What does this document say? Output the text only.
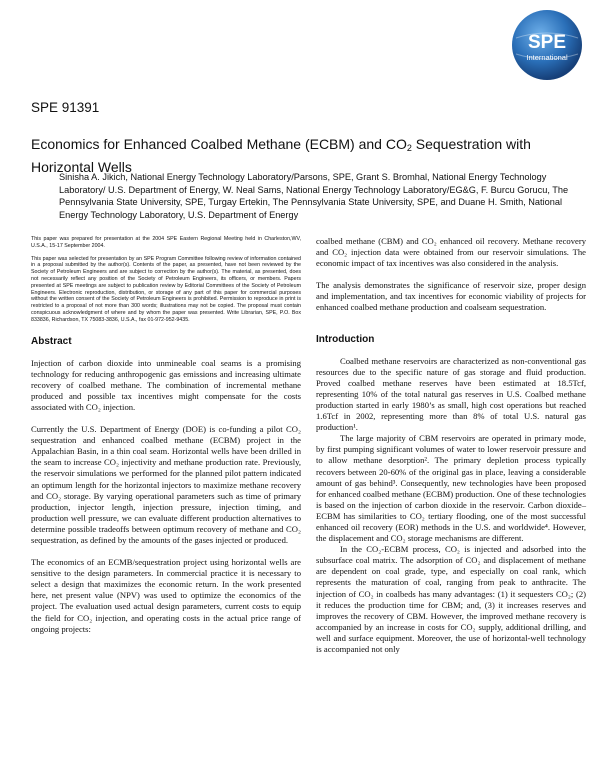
SPE
International
SPE 91391
Economics for Enhanced Coalbed Methane (ECBM) and $CO_2$ Sequestration with Horizontal Wells
Sinisha A. Jikich, National Energy Technology Laboratory/Parsons, SPE, Grant S. Bromhal, National Energy Technology Laboratory/ U.S. Department of Energy, W. Neal Sams, National Energy Technology Laboratory/EG&G, F. Burcu Gorucu, The Pennsylvania State University, SPE, Turgay Ertekin, The Pennsylvania State University, SPE, and Duane H. Smith, National Energy Technology Laboratory, U.S. Department of Energy

This paper was prepared for presentation at the 2004 SPE Eastern Regional Meeting held in Charleston,WV, U.S.A., 15-17 September 2004.

This paper was selected for presentation by an SPE Program Committee following review of information contained in a proposal submitted by the author(s). Contents of the paper, as presented, have not been reviewed by the Society of Petroleum Engineers and are subject to correction by the author(s). The material, as presented, does not necessarily reflect any position of the Society of Petroleum Engineers, its officers, or members. Papers presented at SPE meetings are subject to publication review by Editorial Committees of the Society of Petroleum Engineers. Electronic reproduction, distribution, or storage of any part of this paper for commercial purposes without the written consent of the Society of Petroleum Engineers is prohibited. Permission to reproduce in print is restricted to a proposal of not more than 300 words; illustrations may not be copied. The proposal must contain conspicuous acknowledgment of where and by whom the paper was presented. Write Librarian, SPE, P.O. Box 833836, Richardson, TX 75083-3836, U.S.A., fax 01-972-952-9435.

Abstract

Injection of carbon dioxide into unmineable coal seams is a promising technology for reducing anthropogenic gas emissions and increasing ultimate recovery of coalbed methane. The combination of incremental methane produced and possible tax incentives might compensate for the costs associated with CO₂ injection.

Currently the U.S. Department of Energy (DOE) is co-funding a pilot CO₂ sequestration and enhanced coalbed methane (ECBM) project in the Appalachian Basin, in a thin coal seam. Horizontal wells have been drilled in the seam to increase CO₂ injectivity and methane production rate. Previously, the reservoir simulations we performed for the planned pilot pattern indicated an optimum length for the horizontal injectors to maximize methane recovery and CO₂ storage. By varying operational parameters such as time of primary production, injector length, injection pressure, injection timing, and production well pressure, we can evaluate different production alternatives to determine possible tradeoffs between optimum recovery of methane and CO₂ sequestration, as defined by the amounts of the gases injected or produced.

The economics of an ECMB/sequestration project using horizontal wells are sensitive to the design parameters. In commercial practice it is necessary to select a design that maximizes the economic return. In the work presented here, net present value (NPV) was used to optimize the economics of the project. The evaluation used actual design parameters, current costs to equip the field for CO₂ injection, and operating costs in the actual price range of ongoing projects:

coalbed methane (CBM) and CO₂ enhanced oil recovery. Methane recovery and CO₂ injection data were obtained from our reservoir simulations. The economic impact of tax incentives was also considered in the analysis.

The analysis demonstrates the significance of reservoir size, proper design and implementation, and tax incentives for economic viability of projects for enhanced coalbed methane production and coalseam sequestration.

Introduction

Coalbed methane reservoirs are characterized as non-conventional gas resources due to the specific nature of gas storage and fluid production. Proved coalbed methane reserves have been estimated at 18.5Tcf, representing 10% of the total natural gas reserves in U.S. Coalbed methane production started in early 1980’s as small, high cost operations but reached 1.6Tcf in 2002, representing more than 8% of total U.S. natural gas production¹.

The large majority of CBM reservoirs are operated in primary mode, by first pumping significant volumes of water to lower reservoir pressure and to allow methane desorption². The primary depletion process typically recovers between 20-60% of the original gas in place, leaving a considerable amount of gas behind³. Consequently, new technologies have been proposed for enhanced coalbed methane (ECBM) production. One of these technologies is based on the injection of carbon dioxide in the reservoir. Carbon dioxide–ECBM has similarities to CO₂ tertiary flooding, one of the most successful enhanced oil recovery (EOR) methods in the U.S. and worldwide⁴. However, the displacement and CO₂ storage mechanisms are different.

In the CO₂-ECBM process, CO₂ is injected and adsorbed into the subsurface coal matrix. The adsorption of CO₂ and displacement of methane are dependent on coal grade, type, and especially on coal rank, which represents the maturation of coal, ranging from peak to anthracite. The injection of CO₂ in coalbeds has many advantages: (1) it sequesters CO₂; (2) it reduces the production time for CBM; and, (3) it increases reserves and improves the recovery of CBM. However, the improved methane recovery is accompanied by an increase in costs for CO₂ supply, additional drilling, and well and surface equipment. Moreover, the use of horizontal-well technology is accompanied not only
